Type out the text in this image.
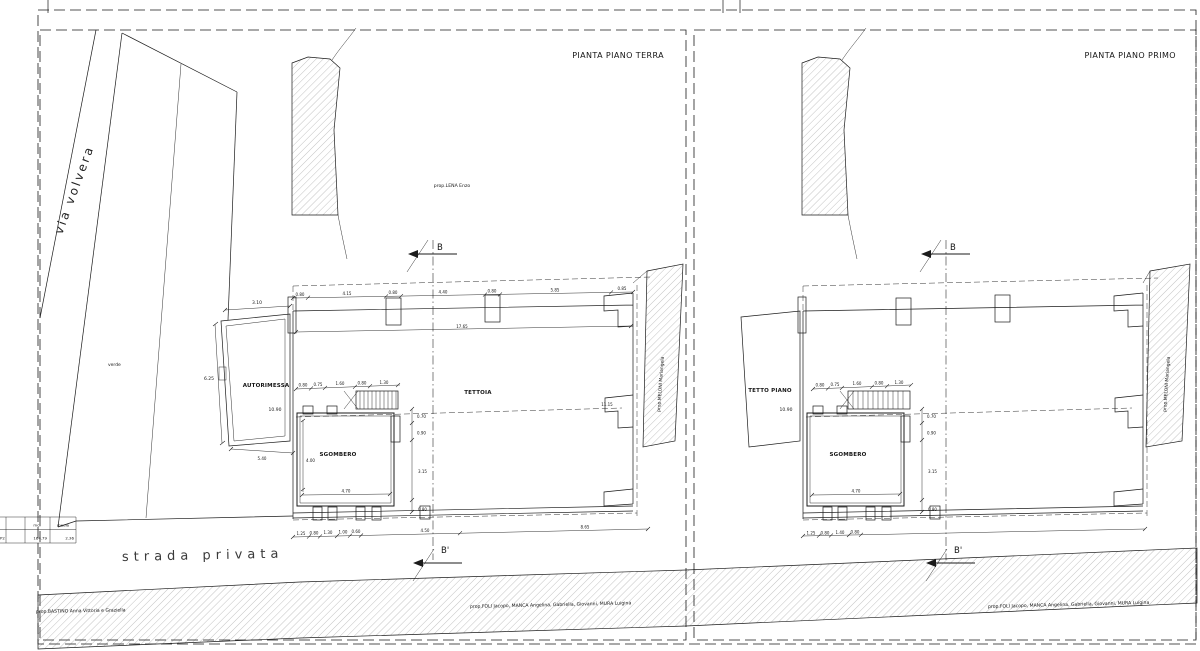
mc.	media
P2	164.79	2.36
PIANTA PIANO TERRA
via volvera
verde
prop.LENA Enzo
prop.MELONI Mariangela
B
B'
TETTOIA
11.15
AUTORIMESSA
10.90
6.25
3.10
5.40
0.80	4.15	0.80	4.40	0.80	5.85	0.85
17.65
0.80 0.75	1.60	0.80	1.30
SGOMBERO
4.00
4.70
0.70
0.90
3.15
0.80
1.25 0.80 1.30 1.00 0.60	4.50
8.65
strada privata
prop.BASTINO Anna Vittoria e Graziella
prop.FOLI Jacopo, MANCA Angelina, Gabriella, Giovanni, MURA Luigina
PIANTA PIANO PRIMO
prop.MELONI Mariangela
B
B'
TETTO PIANO
10.90
0.80 0.75	1.60	0.80	1.30
SGOMBERO
4.70
0.70
0.90
3.15
0.80
1.25 0.80 1.40 0.80
prop.FOLI Jacopo, MANCA Angelina, Gabriella, Giovanni, MURA Luigina
